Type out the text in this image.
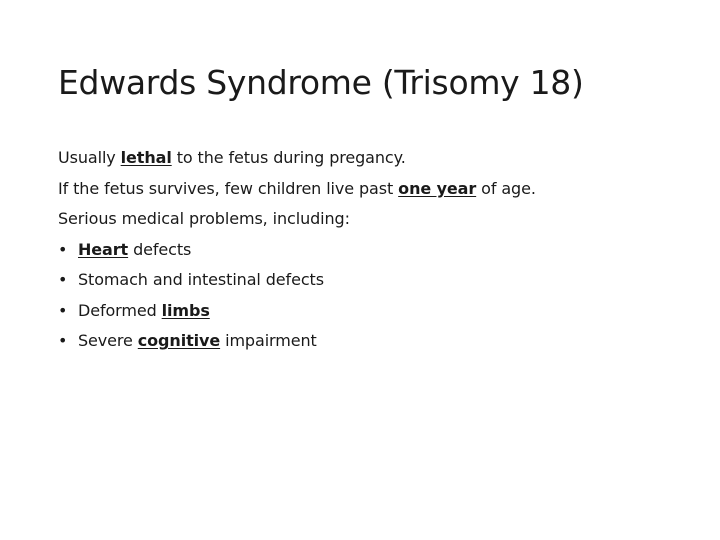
Edwards Syndrome (Trisomy 18)
Usually lethal to the fetus during pregancy.
If the fetus survives, few children live past one year of age.
Serious medical problems, including:
• Heart defects
• Stomach and intestinal defects
• Deformed limbs
• Severe cognitive impairment
